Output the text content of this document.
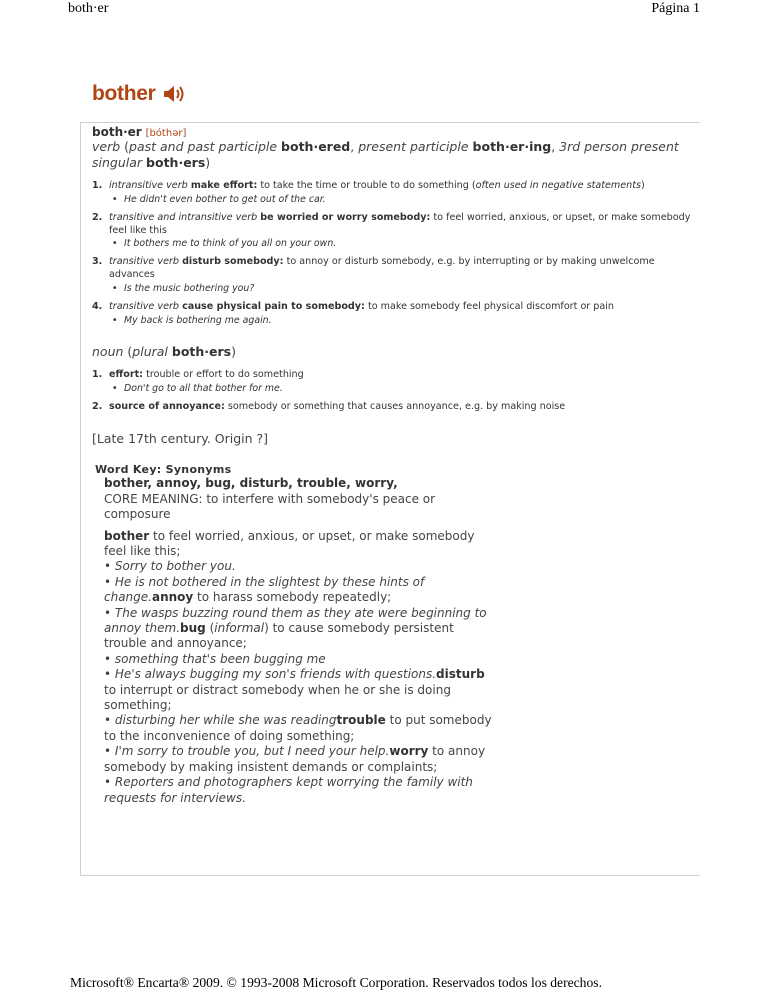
both·er	Página 1
bother
both·er [bóthər]
verb (past and past participle both·ered, present participle both·er·ing, 3rd person present singular both·ers)
1. intransitive verb make effort: to take the time or trouble to do something (often used in negative statements)
• He didn't even bother to get out of the car.
2. transitive and intransitive verb be worried or worry somebody: to feel worried, anxious, or upset, or make somebody feel like this
• It bothers me to think of you all on your own.
3. transitive verb disturb somebody: to annoy or disturb somebody, e.g. by interrupting or by making unwelcome advances
• Is the music bothering you?
4. transitive verb cause physical pain to somebody: to make somebody feel physical discomfort or pain
• My back is bothering me again.
noun (plural both·ers)
1. effort: trouble or effort to do something
• Don't go to all that bother for me.
2. source of annoyance: somebody or something that causes annoyance, e.g. by making noise
[Late 17th century. Origin ?]
Word Key: Synonyms
bother, annoy, bug, disturb, trouble, worry,
CORE MEANING: to interfere with somebody's peace or composure
bother to feel worried, anxious, or upset, or make somebody feel like this;
• Sorry to bother you.
• He is not bothered in the slightest by these hints of change.annoy to harass somebody repeatedly;
• The wasps buzzing round them as they ate were beginning to annoy them.bug (informal) to cause somebody persistent trouble and annoyance;
• something that's been bugging me
• He's always bugging my son's friends with questions.disturb to interrupt or distract somebody when he or she is doing something;
• disturbing her while she was readingtrouble to put somebody to the inconvenience of doing something;
• I'm sorry to trouble you, but I need your help.worry to annoy somebody by making insistent demands or complaints;
• Reporters and photographers kept worrying the family with requests for interviews.
Microsoft® Encarta® 2009. © 1993-2008 Microsoft Corporation. Reservados todos los derechos.
